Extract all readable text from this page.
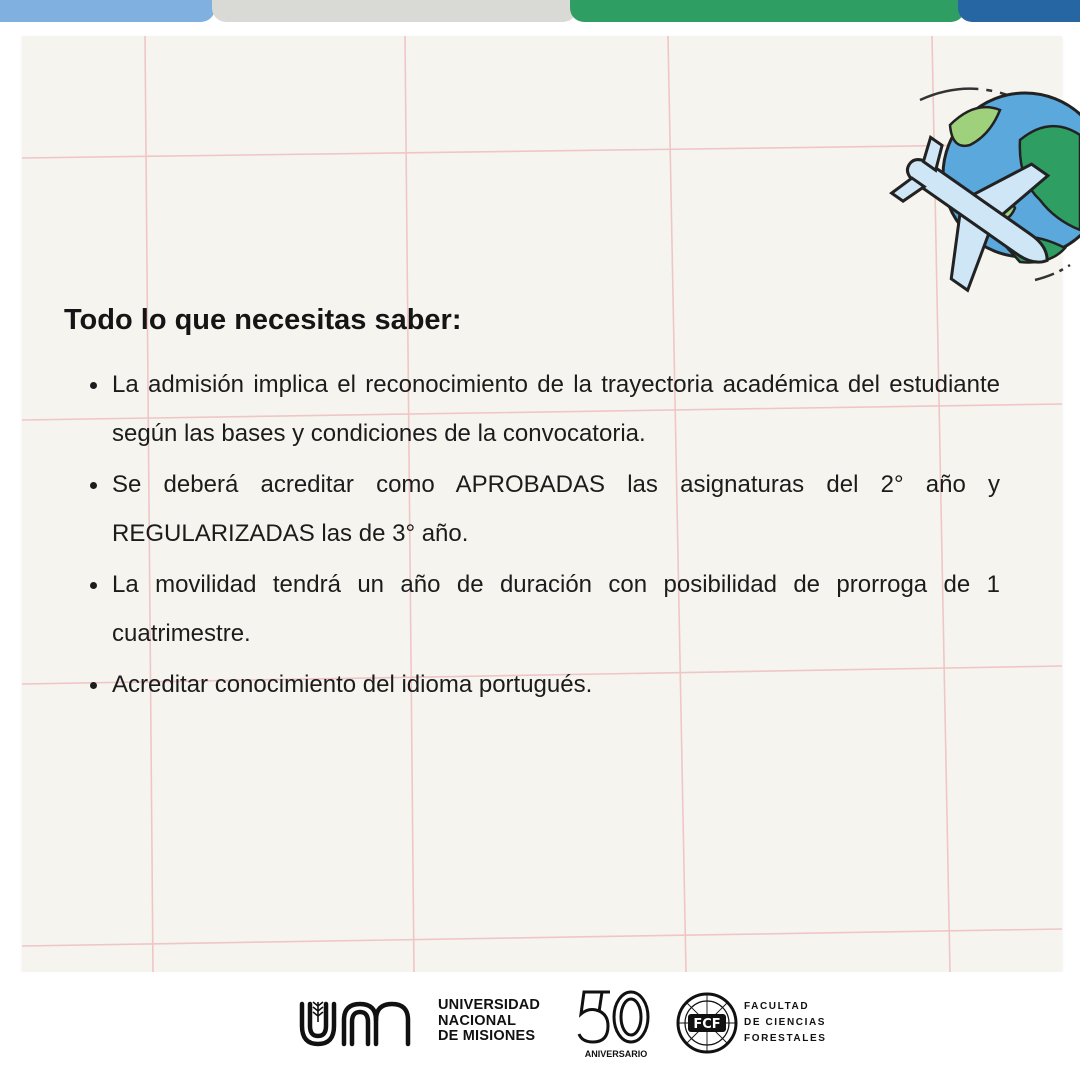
Todo lo que necesitas saber:
• La admisión implica el reconocimiento de la trayectoria académica del estudiante según las bases y condiciones de la convocatoria.
• Se deberá acreditar como APROBADAS las asignaturas del 2° año y REGULARIZADAS las de 3° año.
• La movilidad tendrá un año de duración con posibilidad de prorroga de 1 cuatrimestre.
• Acreditar conocimiento del idioma portugués.
UNIVERSIDAD
NACIONAL
DE MISIONES
ANIVERSARIO
FCF
FACULTAD
DE CIENCIAS
FORESTALES
